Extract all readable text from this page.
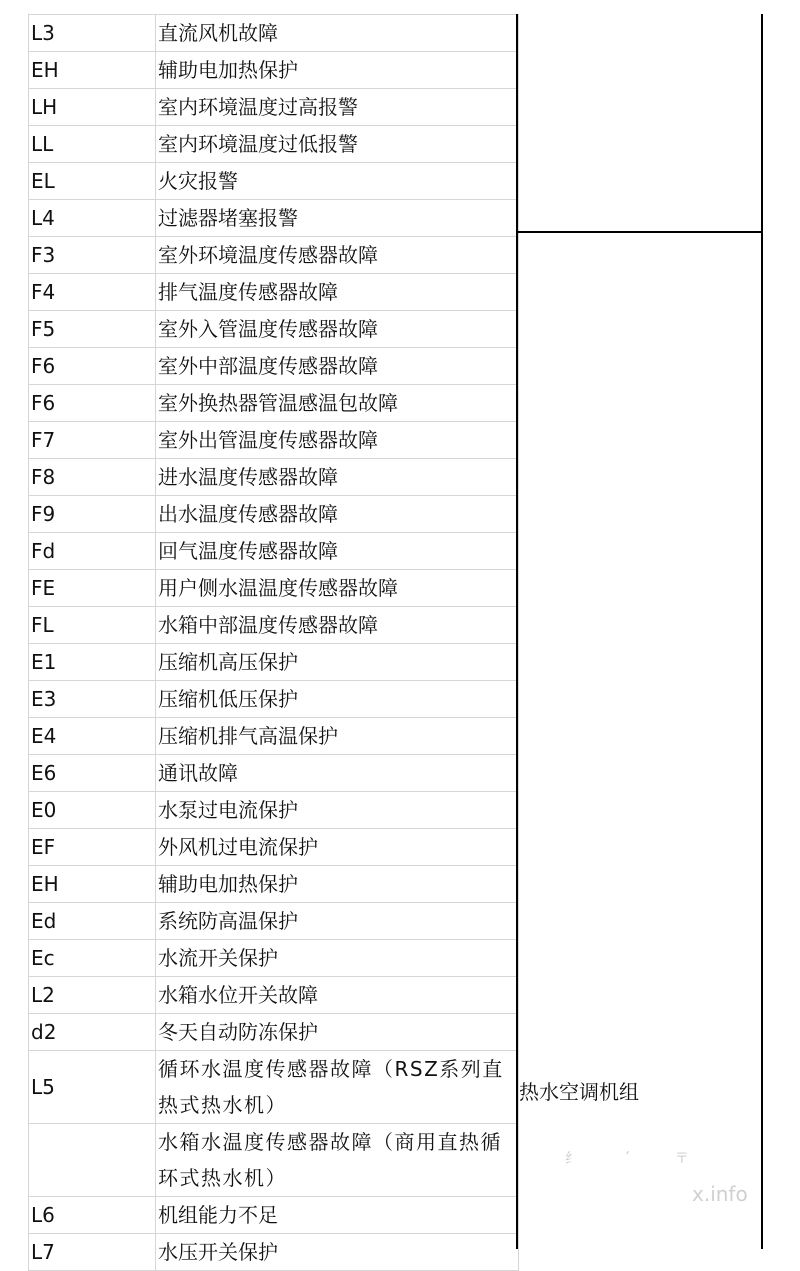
L3	直流风机故障
EH	辅助电加热保护
LH	室内环境温度过高报警
LL	室内环境温度过低报警
EL	火灾报警
L4	过滤器堵塞报警
F3	室外环境温度传感器故障
F4	排气温度传感器故障
F5	室外入管温度传感器故障
F6	室外中部温度传感器故障
F6	室外换热器管温感温包故障
F7	室外出管温度传感器故障
F8	进水温度传感器故障
F9	出水温度传感器故障
Fd	回气温度传感器故障
FE	用户侧水温温度传感器故障
FL	水箱中部温度传感器故障
E1	压缩机高压保护
E3	压缩机低压保护
E4	压缩机排气高温保护
E6	通讯故障
E0	水泵过电流保护
EF	外风机过电流保护
EH	辅助电加热保护
Ed	系统防高温保护
Ec	水流开关保护
L2	水箱水位开关故障
d2	冬天自动防冻保护
L5	循环水温度传感器故障（RSZ系列直热式热水机）
	水箱水温度传感器故障（商用直热循环式热水机）
L6	机组能力不足
L7	水压开关保护
热水空调机组
纟 ˊ 〒
x.info
